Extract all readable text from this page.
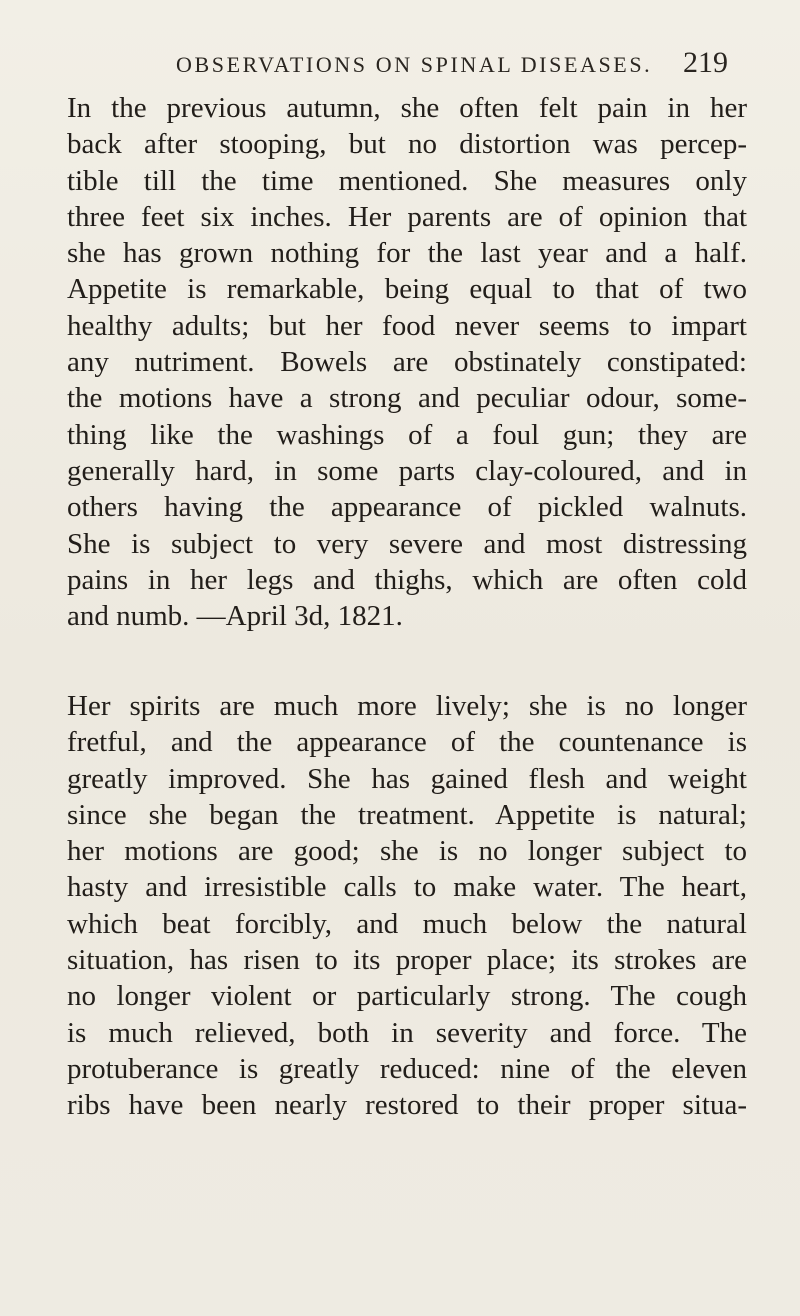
OBSERVATIONS ON SPINAL DISEASES. 219
In the previous autumn, she often felt pain in her
back after stooping, but no distortion was percep-
tible till the time mentioned. She measures only
three feet six inches. Her parents are of opinion that
she has grown nothing for the last year and a half.
Appetite is remarkable, being equal to that of two
healthy adults; but her food never seems to impart
any nutriment. Bowels are obstinately constipated:
the motions have a strong and peculiar odour, some-
thing like the washings of a foul gun; they are
generally hard, in some parts clay-coloured, and in
others having the appearance of pickled walnuts.
She is subject to very severe and most distressing
pains in her legs and thighs, which are often cold
and numb. —April 3d, 1821.
Her spirits are much more lively; she is no longer
fretful, and the appearance of the countenance is
greatly improved. She has gained flesh and weight
since she began the treatment. Appetite is natural;
her motions are good; she is no longer subject to
hasty and irresistible calls to make water. The heart,
which beat forcibly, and much below the natural
situation, has risen to its proper place; its strokes are
no longer violent or particularly strong. The cough
is much relieved, both in severity and force. The
protuberance is greatly reduced: nine of the eleven
ribs have been nearly restored to their proper situa-
